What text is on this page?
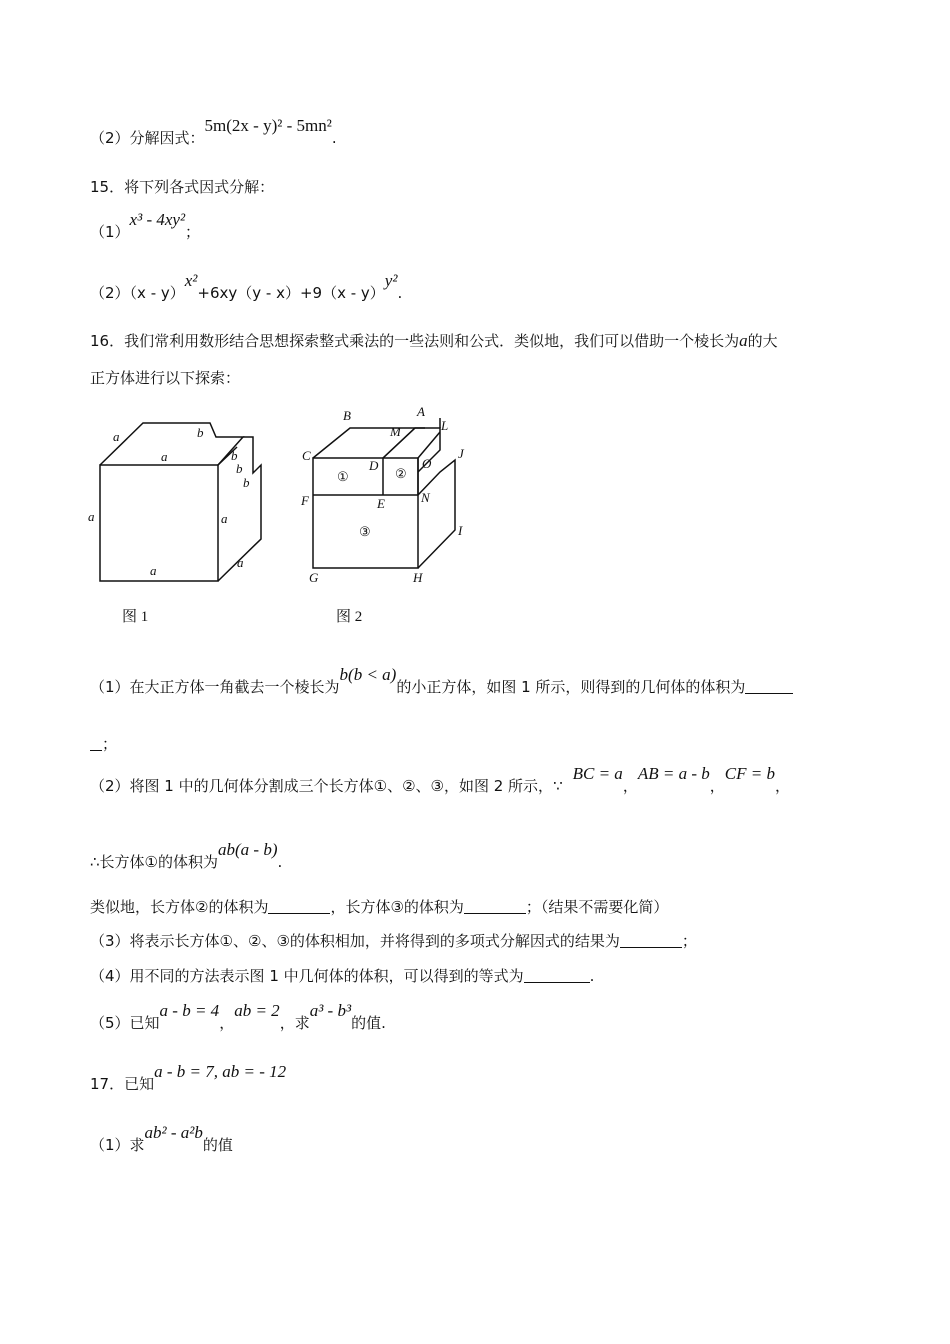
（2）分解因式：5m(2x - y)² - 5mn².
15．将下列各式因式分解：
（1）x³ - 4xy²；
（2）（x - y）x²+6xy（y - x）+9（x - y）y².
16．我们常利用数形结合思想探索整式乘法的一些法则和公式．类似地，我们可以借助一个棱长为a的大
正方体进行以下探索：
a
a
b
b
b
b
a	a
a
a
B	A
M	L
C
D	O
J
F	E	N
I
G	H
①	②
③
图 1	图 2
（1）在大正方体一角截去一个棱长为b(b < a)的小正方体，如图 1 所示，则得到的几何体的体积为
；
（2）将图 1 中的几何体分割成三个长方体①、②、③，如图 2 所示，∵BC = a，AB = a - b，CF = b，
∴长方体①的体积为ab(a - b).
类似地，长方体②的体积为	，长方体③的体积为	；（结果不需要化简）
（3）将表示长方体①、②、③的体积相加，并将得到的多项式分解因式的结果为	；
（4）用不同的方法表示图 1 中几何体的体积，可以得到的等式为	.
（5）已知a - b = 4，ab = 2，求a³ - b³的值.
17．已知a - b = 7, ab = - 12
（1）求ab² - a²b的值
